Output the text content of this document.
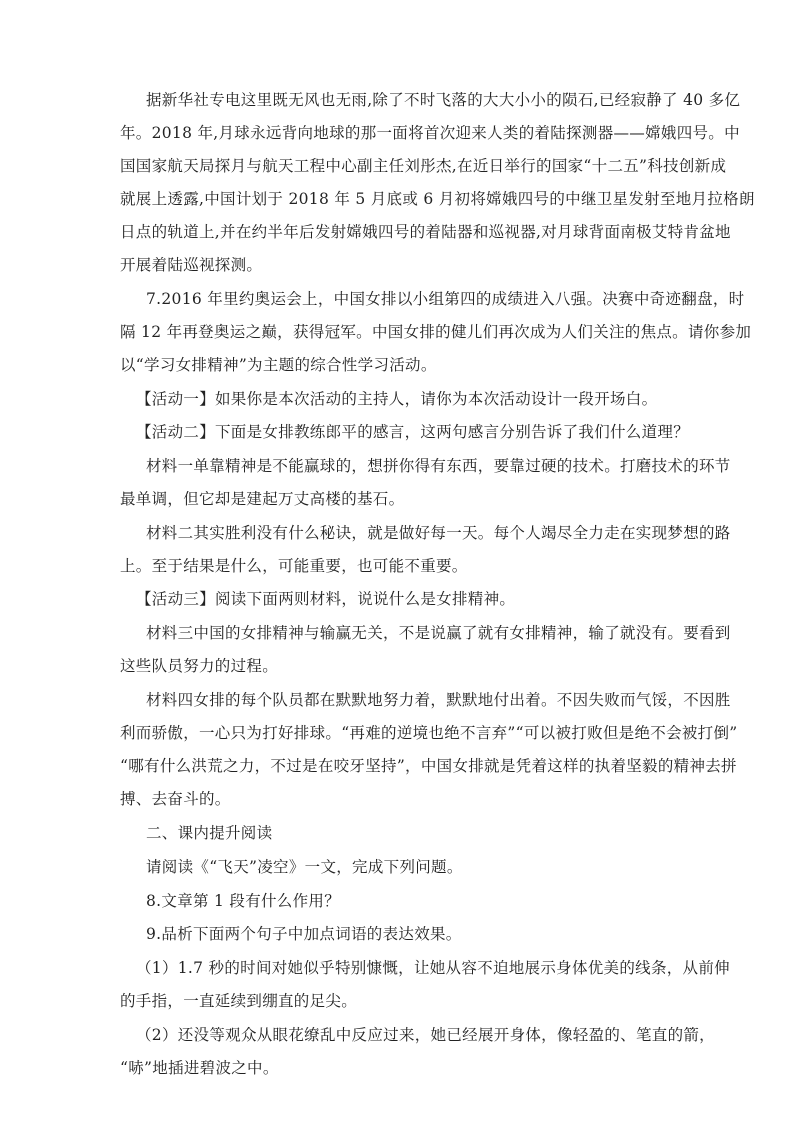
据新华社专电这里既无风也无雨,除了不时飞落的大大小小的陨石,已经寂静了 40 多亿
年。2018 年,月球永远背向地球的那一面将首次迎来人类的着陆探测器——嫦娥四号。中
国国家航天局探月与航天工程中心副主任刘彤杰,在近日举行的国家“十二五”科技创新成
就展上透露,中国计划于 2018 年 5 月底或 6 月初将嫦娥四号的中继卫星发射至地月拉格朗
日点的轨道上,并在约半年后发射嫦娥四号的着陆器和巡视器,对月球背面南极艾特肯盆地
开展着陆巡视探测。
7.2016 年里约奥运会上，中国女排以小组第四的成绩进入八强。决赛中奇迹翻盘，时
隔 12 年再登奥运之巅，获得冠军。中国女排的健儿们再次成为人们关注的焦点。请你参加
以“学习女排精神”为主题的综合性学习活动。
【活动一】如果你是本次活动的主持人，请你为本次活动设计一段开场白。
【活动二】下面是女排教练郎平的感言，这两句感言分别告诉了我们什么道理？
材料一单靠精神是不能赢球的，想拼你得有东西，要靠过硬的技术。打磨技术的环节
最单调，但它却是建起万丈高楼的基石。
材料二其实胜利没有什么秘诀，就是做好每一天。每个人竭尽全力走在实现梦想的路
上。至于结果是什么，可能重要，也可能不重要。
【活动三】阅读下面两则材料，说说什么是女排精神。
材料三中国的女排精神与输赢无关，不是说赢了就有女排精神，输了就没有。要看到
这些队员努力的过程。
材料四女排的每个队员都在默默地努力着，默默地付出着。不因失败而气馁，不因胜
利而骄傲，一心只为打好排球。“再难的逆境也绝不言弃”“可以被打败但是绝不会被打倒”
“哪有什么洪荒之力，不过是在咬牙坚持”，中国女排就是凭着这样的执着坚毅的精神去拼
搏、去奋斗的。
二、课内提升阅读
请阅读《“飞天”凌空》一文，完成下列问题。
8.文章第 1 段有什么作用？
9.品析下面两个句子中加点词语的表达效果。
（1）1.7 秒的时间对她似乎特别慷慨，让她从容不迫地展示身体优美的线条，从前伸
的手指，一直延续到绷直的足尖。
（2）还没等观众从眼花缭乱中反应过来，她已经展开身体，像轻盈的、笔直的箭，
“哧”地插进碧波之中。
